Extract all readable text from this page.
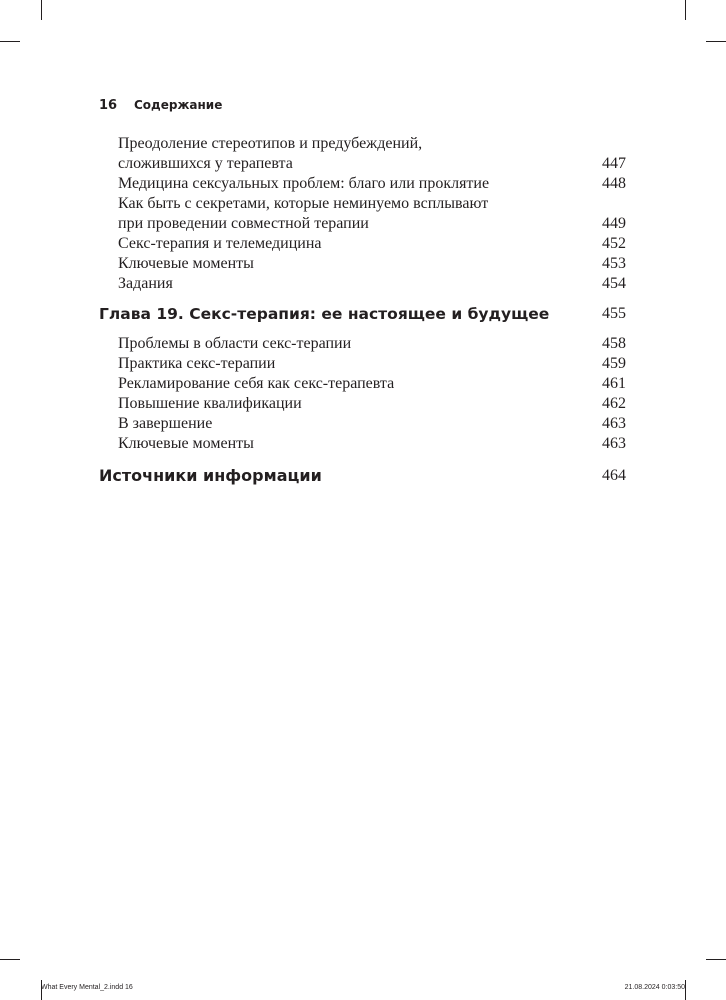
16 Содержание
Преодоление стереотипов и предубеждений,
сложившихся у терапевта	447
Медицина сексуальных проблем: благо или проклятие	448
Как быть с секретами, которые неминуемо всплывают
при проведении совместной терапии	449
Секс-терапия и телемедицина	452
Ключевые моменты	453
Задания	454
Глава 19. Секс-терапия: ее настоящее и будущее	455
Проблемы в области секс-терапии	458
Практика секс-терапии	459
Рекламирование себя как секс-терапевта	461
Повышение квалификации	462
В завершение	463
Ключевые моменты	463
Источники информации	464
What Every Mental_2.indd 16	21.08.2024 0:03:50
